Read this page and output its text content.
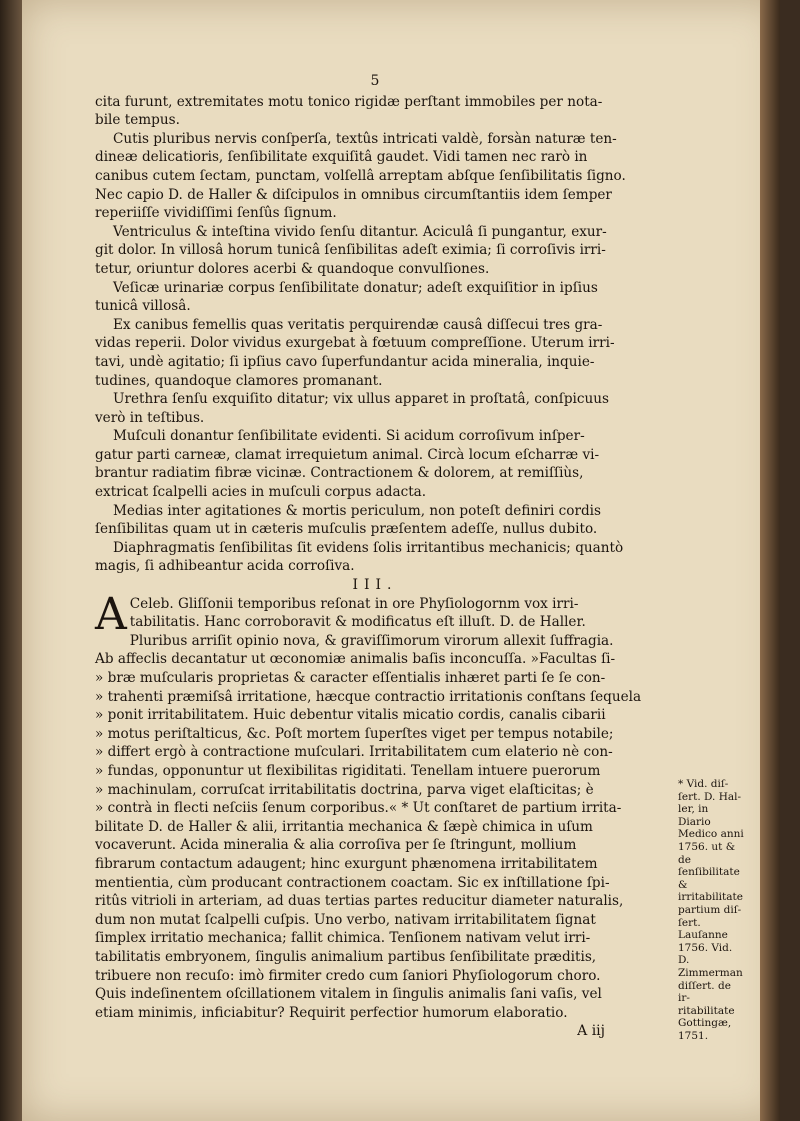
5

cita furunt, extremitates motu tonico rigidæ perſtant immobiles per nota-

bile tempus.

Cutis pluribus nervis conſperſa, textûs intricati valdè, forsàn naturæ ten-

dineæ delicatioris, ſenſibilitate exquiſitâ gaudet. Vidi tamen nec rarò in

canibus cutem ſectam, punctam, volſellâ arreptam abſque ſenſibilitatis ſigno.

Nec capio D. de Haller & diſcipulos in omnibus circumſtantiis idem ſemper

reperiiſſe vividiſſimi ſenſûs ſignum.

Ventriculus & inteſtina vivido ſenſu ditantur. Aciculâ ſi pungantur, exur-

git dolor. In villosâ horum tunicâ ſenſibilitas adeſt eximia; ſi corroſivis irri-

tetur, oriuntur dolores acerbi & quandoque convulſiones.

Veſicæ urinariæ corpus ſenſibilitate donatur; adeſt exquiſitior in ipſius

tunicâ villosâ.

Ex canibus femellis quas veritatis perquirendæ causâ diſſecui tres gra-

vidas reperii. Dolor vividus exurgebat à fœtuum compreſſione. Uterum irri-

tavi, undè agitatio; ſi ipſius cavo ſuperfundantur acida mineralia, inquie-

tudines, quandoque clamores promanant.

Urethra ſenſu exquiſito ditatur; vix ullus apparet in proſtatâ, conſpicuus

verò in teſtibus.

Muſculi donantur ſenſibilitate evidenti. Si acidum corroſivum inſper-

gatur parti carneæ, clamat irrequietum animal. Circà locum eſcharræ vi-

brantur radiatim fibræ vicinæ. Contractionem & dolorem, at remiſſiùs,

extricat ſcalpelli acies in muſculi corpus adacta.

Medias inter agitationes & mortis periculum, non poteſt definiri cordis

ſenſibilitas quam ut in cæteris muſculis præſentem adeſſe, nullus dubito.

Diaphragmatis ſenſibilitas ſit evidens ſolis irritantibus mechanicis; quantò

magis, ſi adhibeantur acida corroſiva.

III.
A Celeb. Gliſſonii temporibus reſonat in ore Phyſiologornm vox irri-

tabilitatis. Hanc corroboravit & modificatus eſt illuſt. D. de Haller.

Pluribus arriſit opinio nova, & graviſſimorum virorum allexit ſuffragia.

Ab affeclis decantatur ut œconomiæ animalis baſis inconcuſſa. »Facultas ſi-

» bræ muſcularis proprietas & caracter eſſentialis inhæret parti ſe ſe con-

» trahenti præmiſsâ irritatione, hæcque contractio irritationis conſtans ſequela

» ponit irritabilitatem. Huic debentur vitalis micatio cordis, canalis cibarii

» motus periſtalticus, &c. Poſt mortem ſuperſtes viget per tempus notabile;

» differt ergò à contractione muſculari. Irritabilitatem cum elaterio nè con-

» fundas, opponuntur ut flexibilitas rigiditati. Tenellam intuere puerorum

» machinulam, corruſcat irritabilitatis doctrina, parva viget elaſticitas; è

» contrà in flecti neſciis ſenum corporibus.« * Ut conſtaret de partium irrita-

bilitate D. de Haller & alii, irritantia mechanica & ſæpè chimica in uſum

vocaverunt. Acida mineralia & alia corroſiva per ſe ſtringunt, mollium

fibrarum contactum adaugent; hinc exurgunt phænomena irritabilitatem

mentientia, cùm producant contractionem coactam. Sic ex inſtillatione ſpi-

ritûs vitrioli in arteriam, ad duas tertias partes reducitur diameter naturalis,

dum non mutat ſcalpelli cuſpis. Uno verbo, nativam irritabilitatem ſignat

ſimplex irritatio mechanica; fallit chimica. Tenſionem nativam velut irri-

tabilitatis embryonem, ſingulis animalium partibus ſenſibilitate præditis,

tribuere non recuſo: imò firmiter credo cum ſaniori Phyſiologorum choro.

Quis indeſinentem oſcillationem vitalem in ſingulis animalis ſani vaſis, vel

etiam minimis, inficiabitur? Requirit perfectior humorum elaboratio.

A iij
* Vid. diſ-
ſert. D. Hal-
ler, in Diario
Medico anni
1756. ut & de
ſenſibilitate &
irritabilitate
partium diſ-
ſert. Lauſanne
1756. Vid. D.
Zimmerman
diſſert. de ir-
ritabilitate
Gottingæ,
1751.
